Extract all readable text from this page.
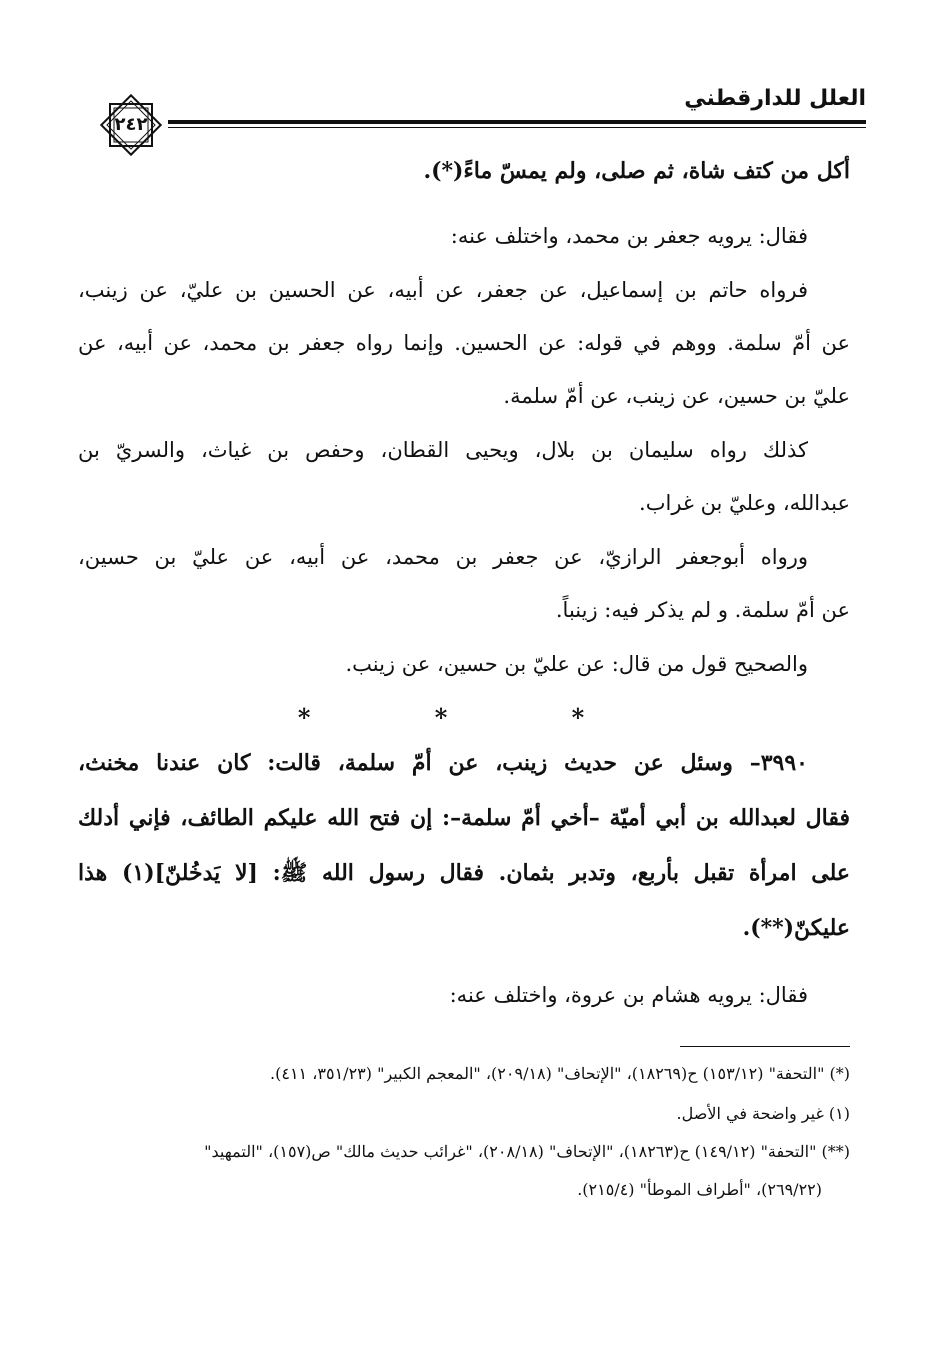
العلل للدارقطني
٢٤٢
أكل من كتف شاة، ثم صلى، ولم يمسّ ماءً(*).
فقال: يرويه جعفر بن محمد، واختلف عنه:
فرواه حاتم بن إسماعيل، عن جعفر، عن أبيه، عن الحسين بن عليّ، عن زينب،
عن أمّ سلمة. ووهم في قوله: عن الحسين. وإنما رواه جعفر بن محمد، عن أبيه، عن
عليّ بن حسين، عن زينب، عن أمّ سلمة.
كذلك رواه سليمان بن بلال، ويحيى القطان، وحفص بن غياث، والسريّ بن
عبدالله، وعليّ بن غراب.
ورواه أبوجعفر الرازيّ، عن جعفر بن محمد، عن أبيه، عن عليّ بن حسين،
عن أمّ سلمة. و لم يذكر فيه: زينباً.
والصحيح قول من قال: عن عليّ بن حسين، عن زينب.
٣٩٩٠– وسئل عن حديث زينب، عن أمّ سلمة، قالت: كان عندنا مخنث،
فقال لعبدالله بن أبي أميّة –أخي أمّ سلمة–: إن فتح الله عليكم الطائف، فإني أدلك
على امرأة تقبل بأربع، وتدبر بثمان. فقال رسول الله ﷺ: [لا يَدخُلنّ](١) هذا
عليكنّ(**).
فقال: يرويه هشام بن عروة، واختلف عنه:
* * *
(*) "التحفة" (١٥٣/١٢) ح(١٨٢٦٩)، "الإتحاف" (٢٠٩/١٨)، "المعجم الكبير" (٣٥١/٢٣، ٤١١).
(١) غير واضحة في الأصل.
(**) "التحفة" (١٤٩/١٢) ح(١٨٢٦٣)، "الإتحاف" (٢٠٨/١٨)، "غرائب حديث مالك" ص(١٥٧)، "التمهيد"
(٢٦٩/٢٢)، "أطراف الموطأ" (٢١٥/٤).
